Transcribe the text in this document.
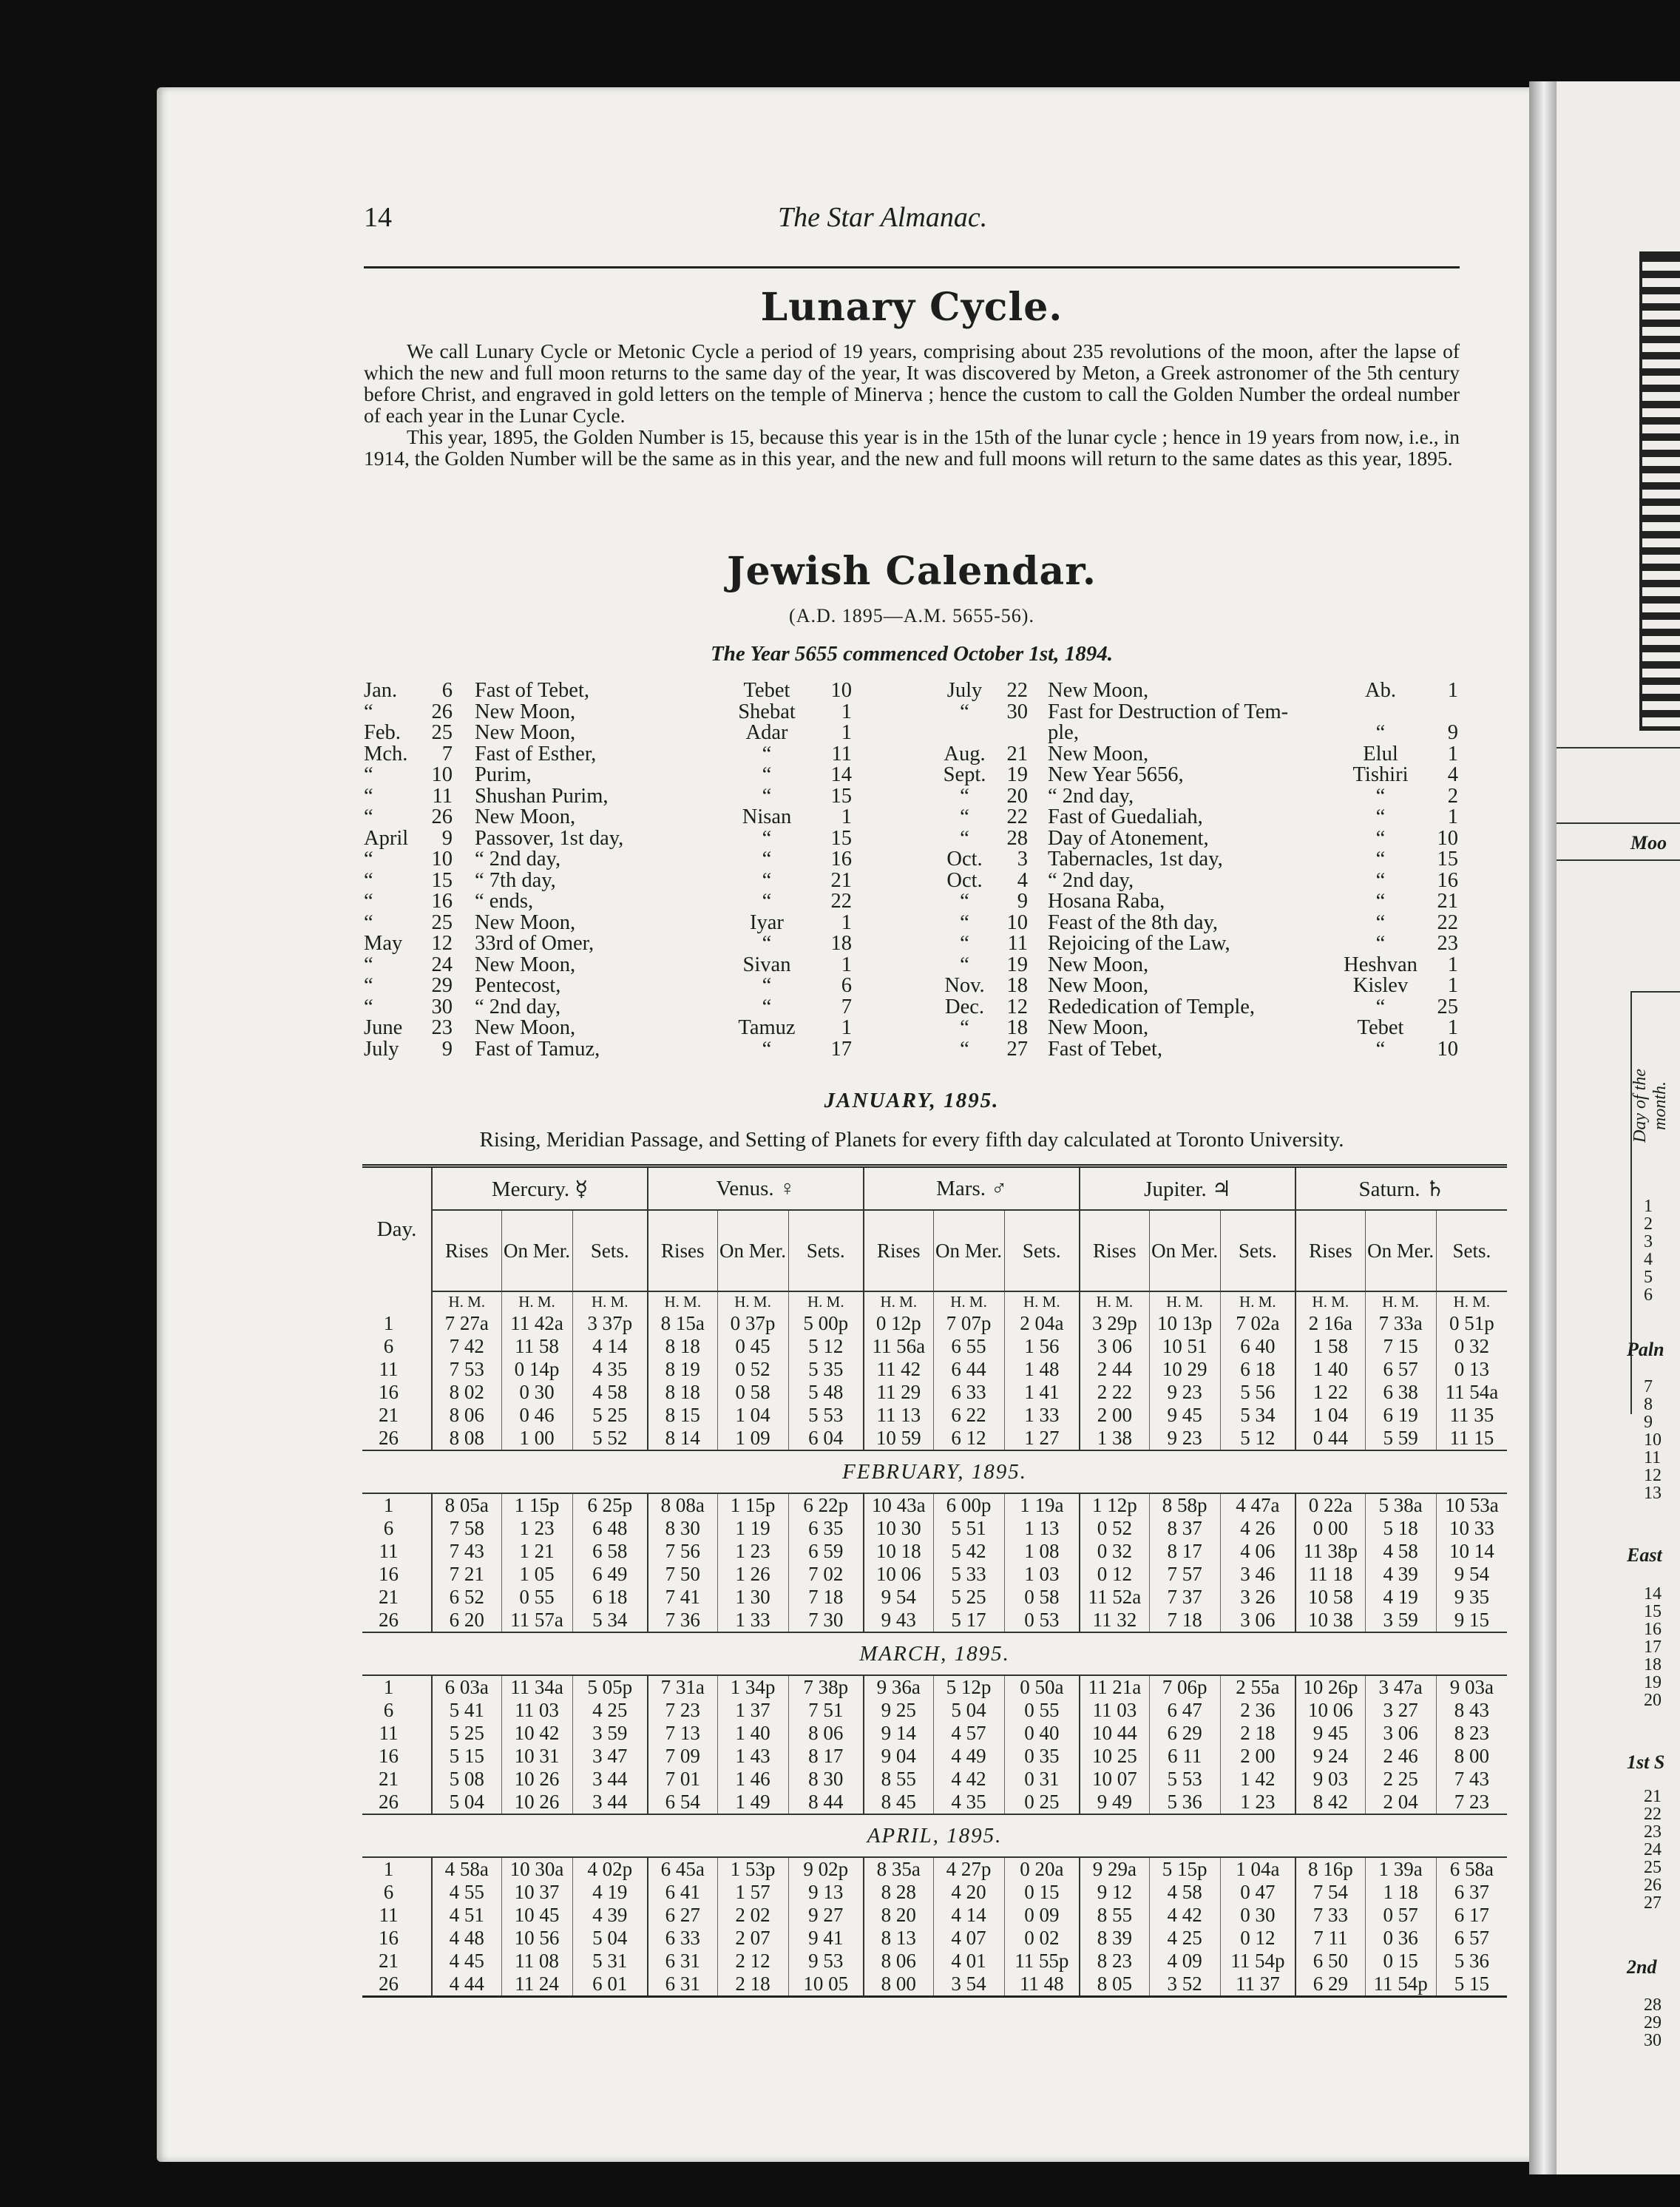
Moo
Day of the month.
Paln
East
1st S
2nd
1
2
3
4
5
6
7
8
9
10
11
12
13
14
15
16
17
18
19
20
21
22
23
24
25
26
27
28
29
30
14	The Star Almanac.
Lunary Cycle.

We call Lunary Cycle or Metonic Cycle a period of 19 years, comprising about 235 revolutions of the moon, after the lapse of which the new and full moon returns to the same day of the year, It was discovered by Meton, a Greek astronomer of the 5th century before Christ, and engraved in gold letters on the temple of Minerva ; hence the custom to call the Golden Number the ordeal number of each year in the Lunar Cycle.

This year, 1895, the Golden Number is 15, because this year is in the 15th of the lunar cycle ; hence in 19 years from now, i.e., in 1914, the Golden Number will be the same as in this year, and the new and full moons will return to the same dates as this year, 1895.

Jewish Calendar.
(A.D. 1895—A.M. 5655-56).
The Year 5655 commenced October 1st, 1894.
Jan.	6 Fast of Tebet,	Tebet	10
“	26 New Moon,	Shebat	1
Feb.	25 New Moon,	Adar	1
Mch.	7 Fast of Esther,	“	11
“	10 Purim,	“	14
“	11 Shushan Purim,	“	15
“	26 New Moon,	Nisan	1
April	9 Passover, 1st day,	“	15
“	10 “ 2nd day,	“	16
“	15 “ 7th day,	“	21
“	16 “ ends,	“	22
“	25 New Moon,	Iyar	1
May	12 33rd of Omer,	“	18
“	24 New Moon,	Sivan	1
“	29 Pentecost,	“	6
“	30 “ 2nd day,	“	7
June	23 New Moon,	Tamuz	1
July	9 Fast of Tamuz,	“	17
July	22 New Moon,	Ab.	1
“	30 Fast for Destruction of Tem-
ple,	“	9
Aug.	21 New Moon,	Elul	1
Sept. 19 New Year 5656,	Tishiri	4
“	20 “ 2nd day,	“	2
“	22 Fast of Guedaliah,	“	1
“	28 Day of Atonement,	“	10
Oct.	3 Tabernacles, 1st day,	“	15
Oct.	4 “ 2nd day,	“	16
“	9 Hosana Raba,	“	21
“	10 Feast of the 8th day,	“	22
“	11 Rejoicing of the Law,	“	23
“	19 New Moon,	Heshvan	1
Nov.	18 New Moon,	Kislev	1
Dec.	12 Rededication of Temple,	“	25
“	18 New Moon,	Tebet	1
“	27 Fast of Tebet,	“	10
JANUARY, 1895.
Rising, Meridian Passage, and Setting of Planets for every fifth day calculated at Toronto University.
Day.	Mercury. ☿			Venus. ♀			Mars. ♂			Jupiter. ♃			Saturn. ♄		
	Rises	On Mer.	Sets.	Rises	On Mer.	Sets.	Rises	On Mer.	Sets.	Rises	On Mer.	Sets.	Rises	On Mer.	Sets.
	H. M.	H. M.	H. M.	H. M.	H. M.	H. M.	H. M.	H. M.	H. M.	H. M.	H. M.	H. M.	H. M.	H. M.	H. M.
1	7 27a	11 42a	3 37p	8 15a	0 37p	5 00p	0 12p	7 07p	2 04a	3 29p	10 13p	7 02a	2 16a	7 33a	0 51p
6	7 42	11 58	4 14	8 18	0 45	5 12	11 56a	6 55	1 56	3 06	10 51	6 40	1 58	7 15	0 32
11	7 53	0 14p	4 35	8 19	0 52	5 35	11 42	6 44	1 48	2 44	10 29	6 18	1 40	6 57	0 13
16	8 02	0 30	4 58	8 18	0 58	5 48	11 29	6 33	1 41	2 22	9 23	5 56	1 22	6 38	11 54a
21	8 06	0 46	5 25	8 15	1 04	5 53	11 13	6 22	1 33	2 00	9 45	5 34	1 04	6 19	11 35
26	8 08	1 00	5 52	8 14	1 09	6 04	10 59	6 12	1 27	1 38	9 23	5 12	0 44	5 59	11 15
FEBRUARY, 1895.															
1	8 05a	1 15p	6 25p	8 08a	1 15p	6 22p	10 43a	6 00p	1 19a	1 12p	8 58p	4 47a	0 22a	5 38a	10 53a
6	7 58	1 23	6 48	8 30	1 19	6 35	10 30	5 51	1 13	0 52	8 37	4 26	0 00	5 18	10 33
11	7 43	1 21	6 58	7 56	1 23	6 59	10 18	5 42	1 08	0 32	8 17	4 06	11 38p	4 58	10 14
16	7 21	1 05	6 49	7 50	1 26	7 02	10 06	5 33	1 03	0 12	7 57	3 46	11 18	4 39	9 54
21	6 52	0 55	6 18	7 41	1 30	7 18	9 54	5 25	0 58	11 52a	7 37	3 26	10 58	4 19	9 35
26	6 20	11 57a	5 34	7 36	1 33	7 30	9 43	5 17	0 53	11 32	7 18	3 06	10 38	3 59	9 15
MARCH, 1895.															
1	6 03a	11 34a	5 05p	7 31a	1 34p	7 38p	9 36a	5 12p	0 50a	11 21a	7 06p	2 55a	10 26p	3 47a	9 03a
6	5 41	11 03	4 25	7 23	1 37	7 51	9 25	5 04	0 55	11 03	6 47	2 36	10 06	3 27	8 43
11	5 25	10 42	3 59	7 13	1 40	8 06	9 14	4 57	0 40	10 44	6 29	2 18	9 45	3 06	8 23
16	5 15	10 31	3 47	7 09	1 43	8 17	9 04	4 49	0 35	10 25	6 11	2 00	9 24	2 46	8 00
21	5 08	10 26	3 44	7 01	1 46	8 30	8 55	4 42	0 31	10 07	5 53	1 42	9 03	2 25	7 43
26	5 04	10 26	3 44	6 54	1 49	8 44	8 45	4 35	0 25	9 49	5 36	1 23	8 42	2 04	7 23
APRIL, 1895.															
1	4 58a	10 30a	4 02p	6 45a	1 53p	9 02p	8 35a	4 27p	0 20a	9 29a	5 15p	1 04a	8 16p	1 39a	6 58a
6	4 55	10 37	4 19	6 41	1 57	9 13	8 28	4 20	0 15	9 12	4 58	0 47	7 54	1 18	6 37
11	4 51	10 45	4 39	6 27	2 02	9 27	8 20	4 14	0 09	8 55	4 42	0 30	7 33	0 57	6 17
16	4 48	10 56	5 04	6 33	2 07	9 41	8 13	4 07	0 02	8 39	4 25	0 12	7 11	0 36	6 57
21	4 45	11 08	5 31	6 31	2 12	9 53	8 06	4 01	11 55p	8 23	4 09	11 54p	6 50	0 15	5 36
26	4 44	11 24	6 01	6 31	2 18	10 05	8 00	3 54	11 48	8 05	3 52	11 37	6 29	11 54p	5 15
